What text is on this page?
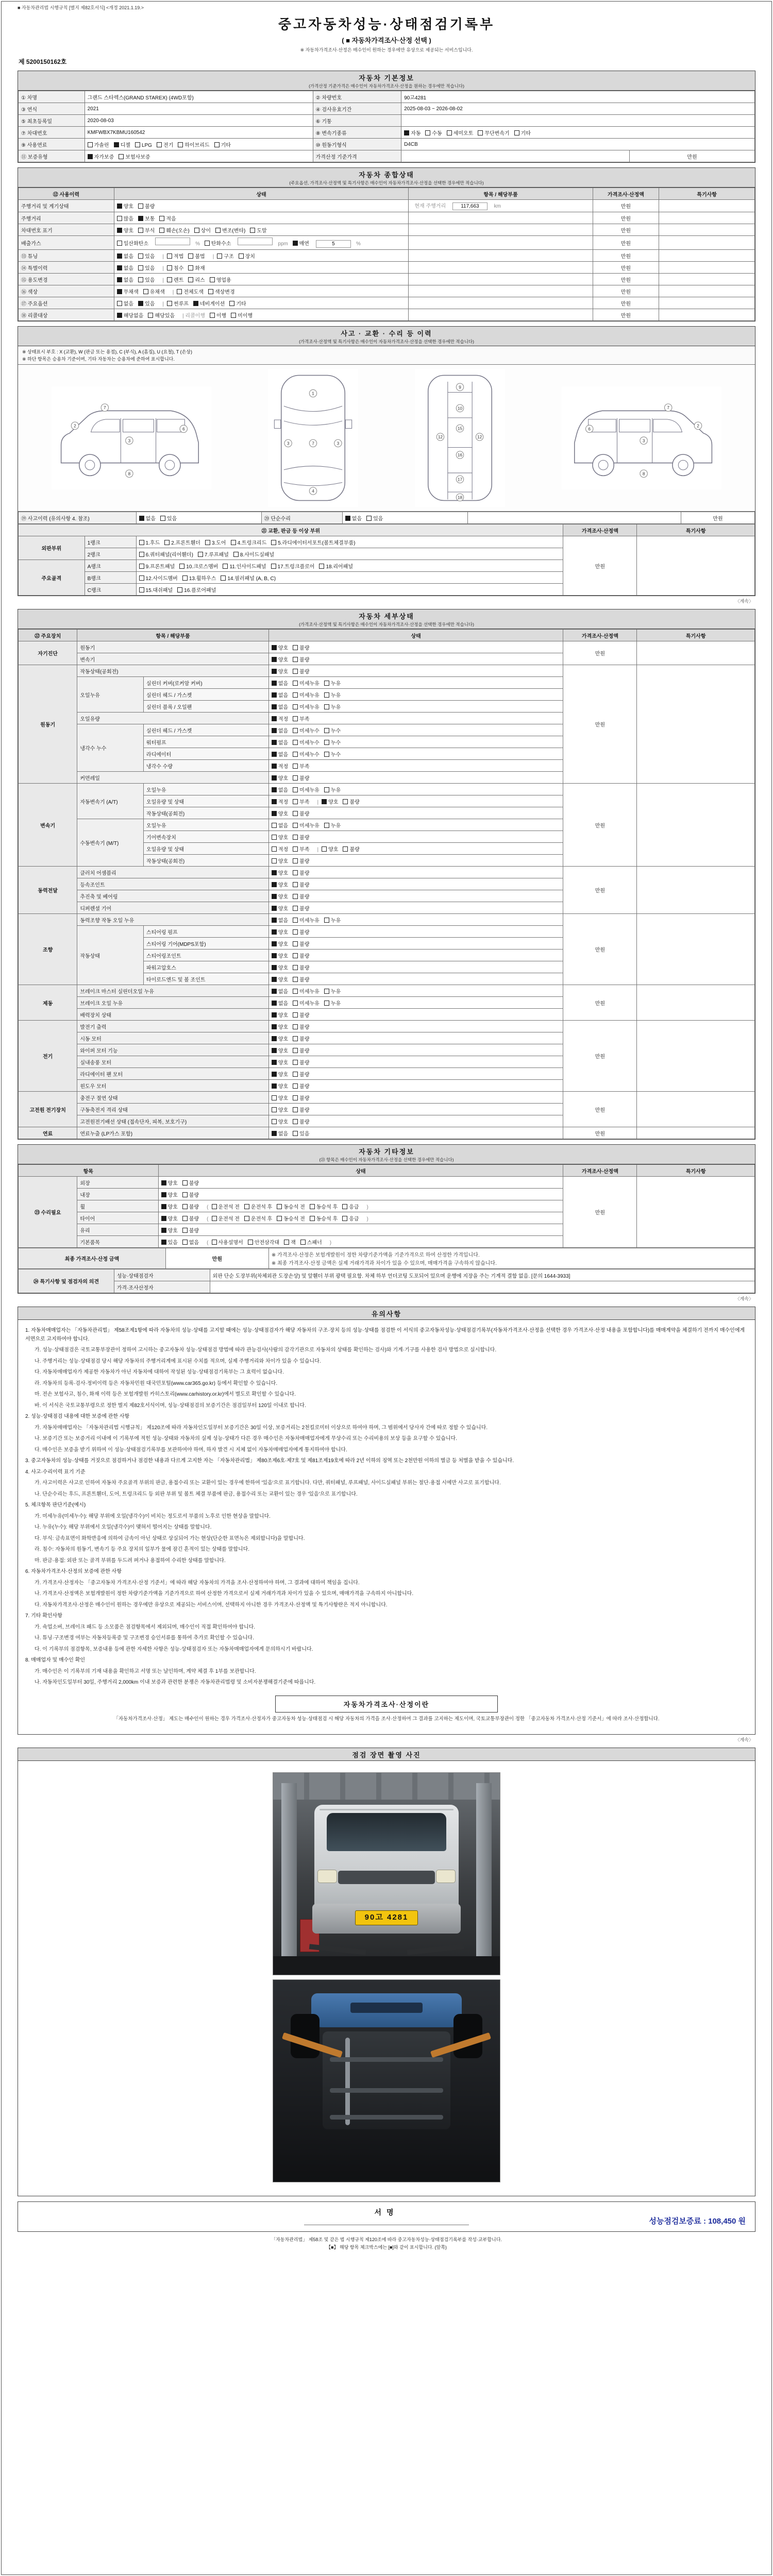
■ 자동차관리법 시행규칙 [별지 제82호서식] <개정 2021.1.19.>
중고자동차성능·상태점검기록부
( ■ 자동차가격조사·산정 선택 )
※ 자동차가격조사·산정은 매수인이 원하는 경우에만 유상으로 제공되는 서비스입니다.
제 5200150162호
자동차 기본정보
(가격산정 기준가격은 매수인이 자동차가격조사·산정을 원하는 경우에만 적습니다)
① 차명	그랜드 스타렉스(GRAND STAREX) (4WD포함)	② 차량번호	90고4281	
③ 연식	2021	④ 검사유효기간	2025-08-03 ~ 2026-08-02	
⑤ 최초등록일	2020-08-03	⑥ 기통		
⑦ 차대번호	KMFWBX7KBMU160542	⑧ 변속기종류	자동 수동 세미오토 무단변속기 기타	
⑨ 사용연료	가솔린 디젤 LPG 전기 하이브리드 기타	⑩ 원동기형식	D4CB	
⑪ 보증유형	자가보증 보험사보증	가격산정 기준가격		만원
자동차 종합상태
(주요옵션, 가격조사·산정액 및 특기사항은 매수인이 자동차가격조사·산정을 선택한 경우에만 적습니다)
⑫ 사용이력	상태	항목 / 해당부품	가격조사·산정액	특기사항
주행거리 및 계기상태	양호 불량	현재 주행거리 117,663 km	만원	
주행거리	많음 보통 적음		만원	
차대번호 표기	양호 부식 훼손(오손) 상이 변조(변타) 도말		만원	
배출가스	일산화탄소 % 탄화수소 ppm 매연 5 %		만원	
⑬ 튜닝	없음 있음 | 적법 불법 | 구조 장치		만원	
⑭ 특별이력	없음 있음 | 침수 화재		만원	
⑮ 용도변경	없음 있음 | 렌트 리스 영업용		만원	
⑯ 색상	무채색 유채색 | 전체도색 색상변경		만원	
⑰ 주요옵션	없음 있음 | 썬루프 네비게이션 기타		만원	
⑱ 리콜대상	해당없음 해당있음 | 리콜이행 이행 미이행		만원	
사고 · 교환 · 수리 등 이력
(가격조사·산정액 및 특기사항은 매수인이 자동차가격조사·산정을 선택한 경우에만 적습니다)
※ 상태표시 부호 : X (교환), W (판금 또는 용접), C (부식), A (흠집), U (요철), T (손상)
※ 하단 항목은 승용차 기준이며, 기타 자동차는 승용차에 준하여 표시합니다.
7
3
6
8
2
1
7
4
3	3
9
10
12	12
15
16
17
18
7
3
6
8
2
⑲ 사고이력 (유의사항 4. 참조)	없음 있음	⑳ 단순수리	없음 있음		만원
㉑ 교환, 판금 등 이상 부위			가격조사·산정액	특기사항
외판부위	1랭크	1.후드 2.프론트휀더 3.도어 4.트렁크리드 5.라디에이터서포트(볼트체결부품)	만원	
	2랭크	6.쿼터패널(리어휀더) 7.루프패널 8.사이드실패널		
주요골격	A랭크	9.프론트패널 10.크로스멤버 11.인사이드패널 17.트렁크플로어 18.리어패널		
	B랭크	12.사이드멤버 13.휠하우스 14.필러패널 (A, B, C)		
	C랭크	15.대쉬패널 16.플로어패널		
〈계속〉
자동차 세부상태
(가격조사·산정액 및 특기사항은 매수인이 자동차가격조사·산정을 선택한 경우에만 적습니다)
㉒ 주요장치	항목 / 해당부품		상태	가격조사·산정액	특기사항
자기진단	원동기		양호 불량	만원	
	변속기		양호 불량		
원동기	작동상태(공회전)		양호 불량	만원	
	오일누유	실린더 커버(로커암 커버)	없음 미세누유 누유		
		실린더 헤드 / 가스켓	없음 미세누유 누유		
		실린더 블록 / 오일팬	없음 미세누유 누유		
	오일유량		적정 부족		
	냉각수 누수	실린더 헤드 / 가스켓	없음 미세누수 누수		
		워터펌프	없음 미세누수 누수		
		라디에이터	없음 미세누수 누수		
		냉각수 수량	적정 부족		
	커먼레일		양호 불량		
변속기	자동변속기 (A/T)	오일누유	없음 미세누유 누유	만원	
		오일유량 및 상태	적정 부족 | 양호 불량		
		작동상태(공회전)	양호 불량		
	수동변속기 (M/T)	오일누유	없음 미세누유 누유		
		기어변속장치	양호 불량		
		오일유량 및 상태	적정 부족 | 양호 불량		
		작동상태(공회전)	양호 불량		
동력전달	클러치 어셈블리		양호 불량	만원	
	등속조인트		양호 불량		
	추진축 및 베어링		양호 불량		
	디퍼렌셜 기어		양호 불량		
조향	동력조향 작동 오일 누유		없음 미세누유 누유	만원	
	작동상태	스티어링 펌프	양호 불량		
		스티어링 기어(MDPS포함)	양호 불량		
		스티어링조인트	양호 불량		
		파워고압호스	양호 불량		
		타이로드엔드 및 볼 조인트	양호 불량		
제동	브레이크 마스터 실린더오일 누유		없음 미세누유 누유	만원	
	브레이크 오일 누유		없음 미세누유 누유		
	배력장치 상태		양호 불량		
전기	발전기 출력		양호 불량	만원	
	시동 모터		양호 불량		
	와이퍼 모터 기능		양호 불량		
	실내송풍 모터		양호 불량		
	라디에이터 팬 모터		양호 불량		
	윈도우 모터		양호 불량		
고전원 전기장치	충전구 절연 상태		양호 불량	만원	
	구동축전지 격리 상태		양호 불량		
	고전원전기배선 상태 (접속단자, 피복, 보호기구)		양호 불량		
연료	연료누출 (LP가스 포함)		없음 있음	만원	
자동차 기타정보
(㉓ 항목은 매수인이 자동차가격조사·산정을 선택한 경우에만 적습니다)
항목		상태	가격조사·산정액	특기사항
㉓ 수리필요	외장	양호 불량	만원	
	내장	양호 불량		
	휠	양호 불량 ( 운전석 전 운전석 후 동승석 전 동승석 후 응급 )		
	타이어	양호 불량 ( 운전석 전 운전석 후 동승석 전 동승석 후 응급 )		
	유리	양호 불량		
	기본품목	있음 없음 ( 사용설명서 안전삼각대 잭 스패너 )		
최종 가격조사·산정 금액	만원	
※ 가격조사·산정은 보험개발원이 정한 차량기준가액을 기준가격으로 하여 산정한 가격입니다.
※ 최종 가격조사·산정 금액은 실제 거래가격과 차이가 있을 수 있으며, 매매가격을 구속하지 않습니다.
㉔ 특기사항 및 점검자의 의견	성능·상태점검자	외판 단순 도장부위(차체외관 도장손상) 및 앞휀더 부위 광택 필요함. 차체 하부 언더코팅 도포되어 있으며 운행에 지장을 주는 기계적 결함 없음. [문의 1644-3933]
	가격·조사산정자	
〈계속〉
유의사항
1. 자동차매매업자는 「자동차관리법」 제58조제1항에 따라 자동차의 성능·상태를 고지할 때에는 성능·상태점검자가 해당 자동차의 구조·장치 등의 성능·상태를 점검한 이 서식의 중고자동차성능·상태점검기록부(자동차가격조사·산정을 선택한 경우 가격조사·산정 내용을 포함합니다)를 매매계약을 체결하기 전까지 매수인에게 서면으로 고지하여야 합니다.
가. 성능·상태점검은 국토교통부장관이 정하여 고시하는 중고자동차 성능·상태점검 방법에 따라 관능검사(사람의 감각기관으로 자동차의 상태를 확인하는 검사)와 기계·기구를 사용한 검사 방법으로 실시합니다.
나. 주행거리는 성능·상태점검 당시 해당 자동차의 주행거리계에 표시된 수치를 적으며, 실제 주행거리와 차이가 있을 수 있습니다.
다. 자동차매매업자가 제공한 자동차가 아닌 자동차에 대하여 작성된 성능·상태점검기록부는 그 효력이 없습니다.
라. 자동차의 등록·검사·정비이력 등은 자동차민원 대국민포털(www.car365.go.kr) 등에서 확인할 수 있습니다.
마. 전손 보험사고, 침수, 화재 이력 등은 보험개발원 카히스토리(www.carhistory.or.kr)에서 별도로 확인할 수 있습니다.
바. 이 서식은 국토교통부령으로 정한 별지 제82호서식이며, 성능·상태점검의 보증기간은 점검일부터 120일 이내로 합니다.
2. 성능·상태점검 내용에 대한 보증에 관한 사항
가. 자동차매매업자는 「자동차관리법 시행규칙」 제120조에 따라 자동차인도일부터 보증기간은 30일 이상, 보증거리는 2천킬로미터 이상으로 하여야 하며, 그 범위에서 당사자 간에 따로 정할 수 있습니다.
나. 보증기간 또는 보증거리 이내에 이 기록부에 적힌 성능·상태와 자동차의 실제 성능·상태가 다른 경우 매수인은 자동차매매업자에게 무상수리 또는 수리비용의 보상 등을 요구할 수 있습니다.
다. 매수인은 보증을 받기 위하여 이 성능·상태점검기록부를 보관하여야 하며, 하자 발견 시 지체 없이 자동차매매업자에게 통지하여야 합니다.
3. 중고자동차의 성능·상태를 거짓으로 점검하거나 점검한 내용과 다르게 고지한 자는 「자동차관리법」 제80조제6호·제7호 및 제81조제19호에 따라 2년 이하의 징역 또는 2천만원 이하의 벌금 등 처벌을 받을 수 있습니다.
4. 사고·수리이력 표기 기준
가. 사고이력은 사고로 인하여 자동차 주요골격 부위의 판금, 용접수리 또는 교환이 있는 경우에 한하여 '있음'으로 표기합니다. 다만, 쿼터패널, 루프패널, 사이드실패널 부위는 절단·용접 시에만 사고로 표기합니다.
나. 단순수리는 후드, 프론트휀더, 도어, 트렁크리드 등 외판 부위 및 볼트 체결 부품에 판금, 용접수리 또는 교환이 있는 경우 '있음'으로 표기합니다.
5. 체크항목 판단기준(예시)
가. 미세누유(미세누수): 해당 부위에 오일(냉각수)이 비치는 정도로서 부품의 노후로 인한 현상을 말합니다.
나. 누유(누수): 해당 부위에서 오일(냉각수)이 맺혀서 떨어지는 상태를 말합니다.
다. 부식: 금속표면이 화학반응에 의하여 금속이 아닌 상태로 상실되어 가는 현상(단순한 표면녹은 제외합니다)을 말합니다.
라. 침수: 자동차의 원동기, 변속기 등 주요 장치의 일부가 물에 잠긴 흔적이 있는 상태를 말합니다.
마. 판금·용접: 외판 또는 골격 부위를 두드려 펴거나 용접하여 수리한 상태를 말합니다.
6. 자동차가격조사·산정의 보증에 관한 사항
가. 가격조사·산정자는 「중고자동차 가격조사·산정 기준서」에 따라 해당 자동차의 가격을 조사·산정하여야 하며, 그 결과에 대하여 책임을 집니다.
나. 가격조사·산정액은 보험개발원이 정한 차량기준가액을 기준가격으로 하여 산정한 가격으로서 실제 거래가격과 차이가 있을 수 있으며, 매매가격을 구속하지 아니합니다.
다. 자동차가격조사·산정은 매수인이 원하는 경우에만 유상으로 제공되는 서비스이며, 선택하지 아니한 경우 가격조사·산정액 및 특기사항란은 적지 아니합니다.
7. 기타 확인사항
가. 쇽업소버, 브레이크 패드 등 소모품은 점검항목에서 제외되며, 매수인이 직접 확인하여야 합니다.
나. 튜닝·구조변경 여부는 자동차등록증 및 구조변경 승인서류를 통하여 추가로 확인할 수 있습니다.
다. 이 기록부의 점검항목, 보증내용 등에 관한 자세한 사항은 성능·상태점검자 또는 자동차매매업자에게 문의하시기 바랍니다.
8. 매매업자 및 매수인 확인
가. 매수인은 이 기록부의 기재 내용을 확인하고 서명 또는 날인하며, 계약 체결 후 1부를 보관합니다.
나. 자동차인도일부터 30일, 주행거리 2,000km 이내 보증과 관련한 분쟁은 자동차관리법령 및 소비자분쟁해결기준에 따릅니다.
자동차가격조사·산정이란
「자동차가격조사·산정」 제도는 매수인이 원하는 경우 가격조사·산정자가 중고자동차 성능·상태점검 시 해당 자동차의 가격을 조사·산정하여 그 결과를 고지하는 제도이며, 국토교통부장관이 정한 「중고자동차 가격조사·산정 기준서」에 따라 조사·산정합니다.
〈계속〉
점검 장면 촬영 사진
90고 4281
서명
성능점검보증료 : 108,450 원
「자동차관리법」 제58조 및 같은 법 시행규칙 제120조에 따라 중고자동차성능·상태점검기록부를 작성·교부합니다.
【■】 해당 항목 체크박스에는 [■]와 같이 표시합니다. (앞쪽)
